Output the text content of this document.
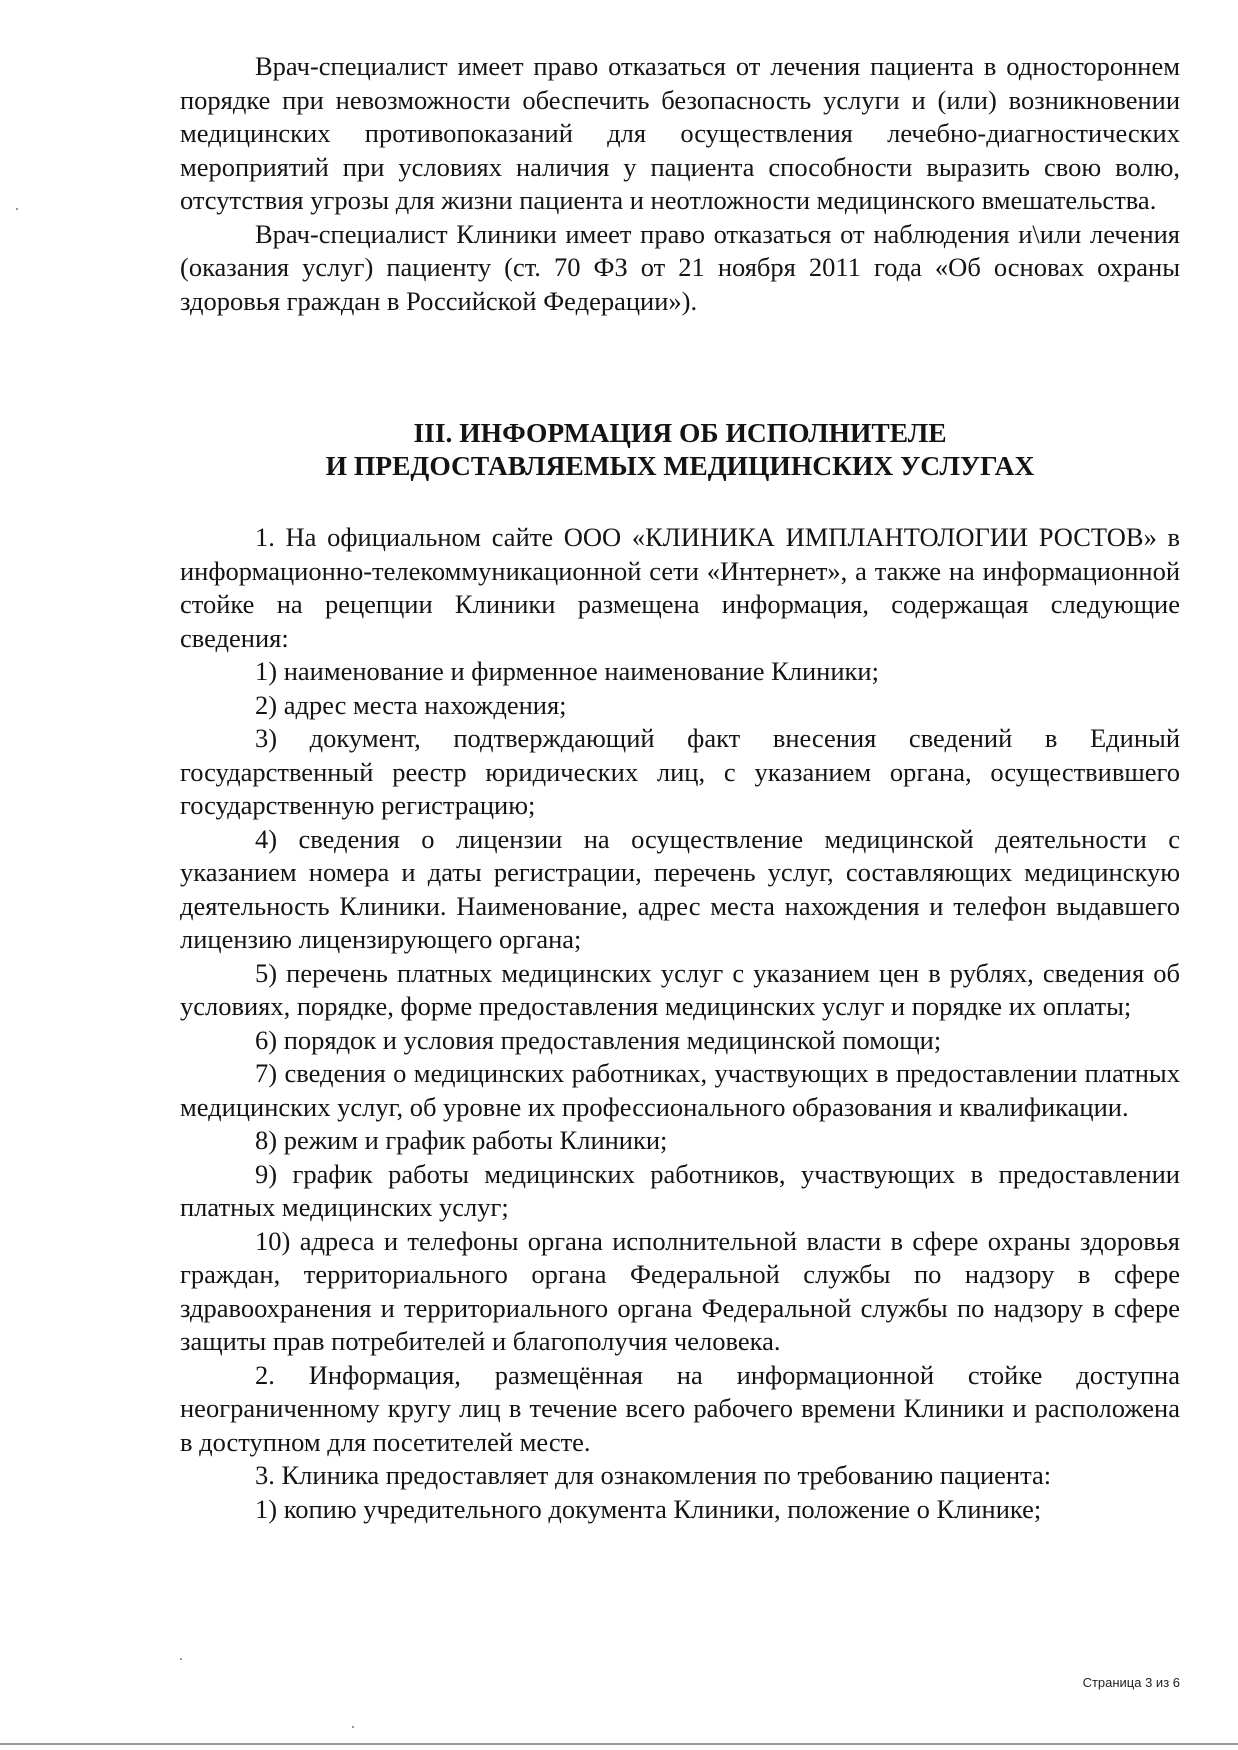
Врач-специалист имеет право отказаться от лечения пациента в одностороннем порядке при невозможности обеспечить безопасность услуги и (или) возникновении медицинских противопоказаний для осуществления лечебно-диагностических мероприятий при условиях наличия у пациента способности выразить свою волю, отсутствия угрозы для жизни пациента и неотложности медицинского вмешательства.

Врач-специалист Клиники имеет право отказаться от наблюдения и\или лечения (оказания услуг) пациенту (ст. 70 ФЗ от 21 ноября 2011 года «Об основах охраны здоровья граждан в Российской Федерации»).

III. ИНФОРМАЦИЯ ОБ ИСПОЛНИТЕЛЕ
И ПРЕДОСТАВЛЯЕМЫХ МЕДИЦИНСКИХ УСЛУГАХ

1. На официальном сайте ООО «КЛИНИКА ИМПЛАНТОЛОГИИ РОСТОВ» в информационно-телекоммуникационной сети «Интернет», а также на информационной стойке на рецепции Клиники размещена информация, содержащая следующие сведения:

1) наименование и фирменное наименование Клиники;

2) адрес места нахождения;

3) документ, подтверждающий факт внесения сведений в Единый государственный реестр юридических лиц, с указанием органа, осуществившего государственную регистрацию;

4) сведения о лицензии на осуществление медицинской деятельности с указанием номера и даты регистрации, перечень услуг, составляющих медицинскую деятельность Клиники. Наименование, адрес места нахождения и телефон выдавшего лицензию лицензирующего органа;

5) перечень платных медицинских услуг с указанием цен в рублях, сведения об условиях, порядке, форме предоставления медицинских услуг и порядке их оплаты;

6) порядок и условия предоставления медицинской помощи;

7) сведения о медицинских работниках, участвующих в предоставлении платных медицинских услуг, об уровне их профессионального образования и квалификации.

8) режим и график работы Клиники;

9) график работы медицинских работников, участвующих в предоставлении платных медицинских услуг;

10) адреса и телефоны органа исполнительной власти в сфере охраны здоровья граждан, территориального органа Федеральной службы по надзору в сфере здравоохранения и территориального органа Федеральной службы по надзору в сфере защиты прав потребителей и благополучия человека.

2. Информация, размещённая на информационной стойке доступна неограниченному кругу лиц в течение всего рабочего времени Клиники и расположена в доступном для посетителей месте.

3. Клиника предоставляет для ознакомления по требованию пациента:

1) копию учредительного документа Клиники, положение о Клинике;

Страница 3 из 6
